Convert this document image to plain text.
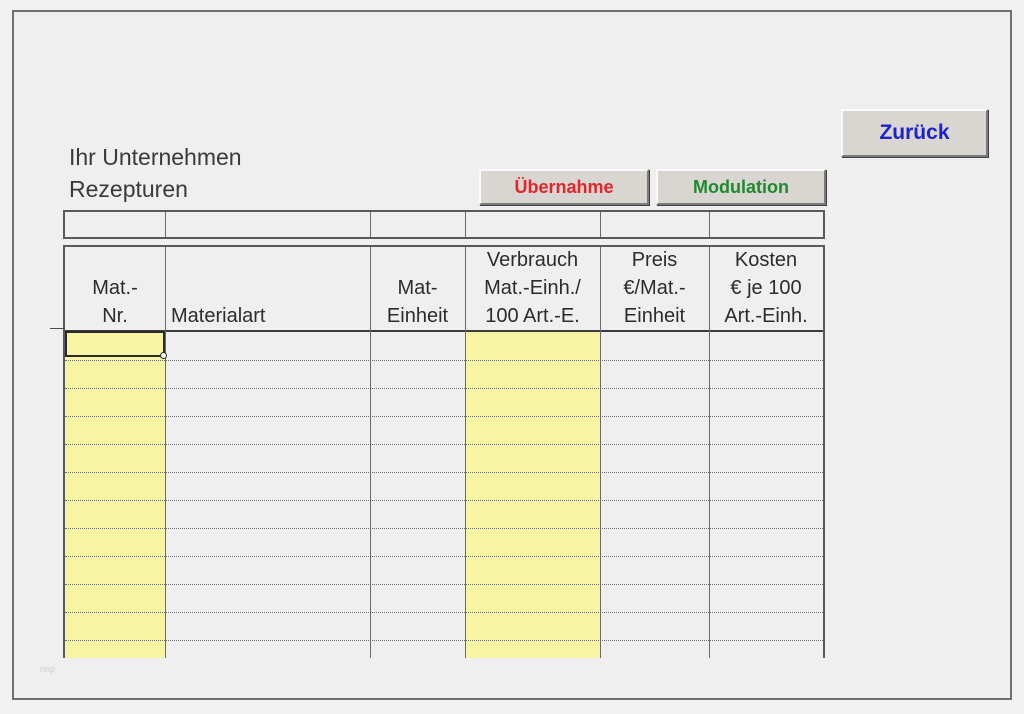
Ihr Unternehmen
Rezepturen
Zurück
Übernahme	Modulation
Mat.-
Nr.	Materialart
Mat-
Einheit
Verbrauch
Mat.-Einh./
100 Art.-E.
Preis
€/Mat.-
Einheit
Kosten
€ je 100
Art.-Einh.
nnp
